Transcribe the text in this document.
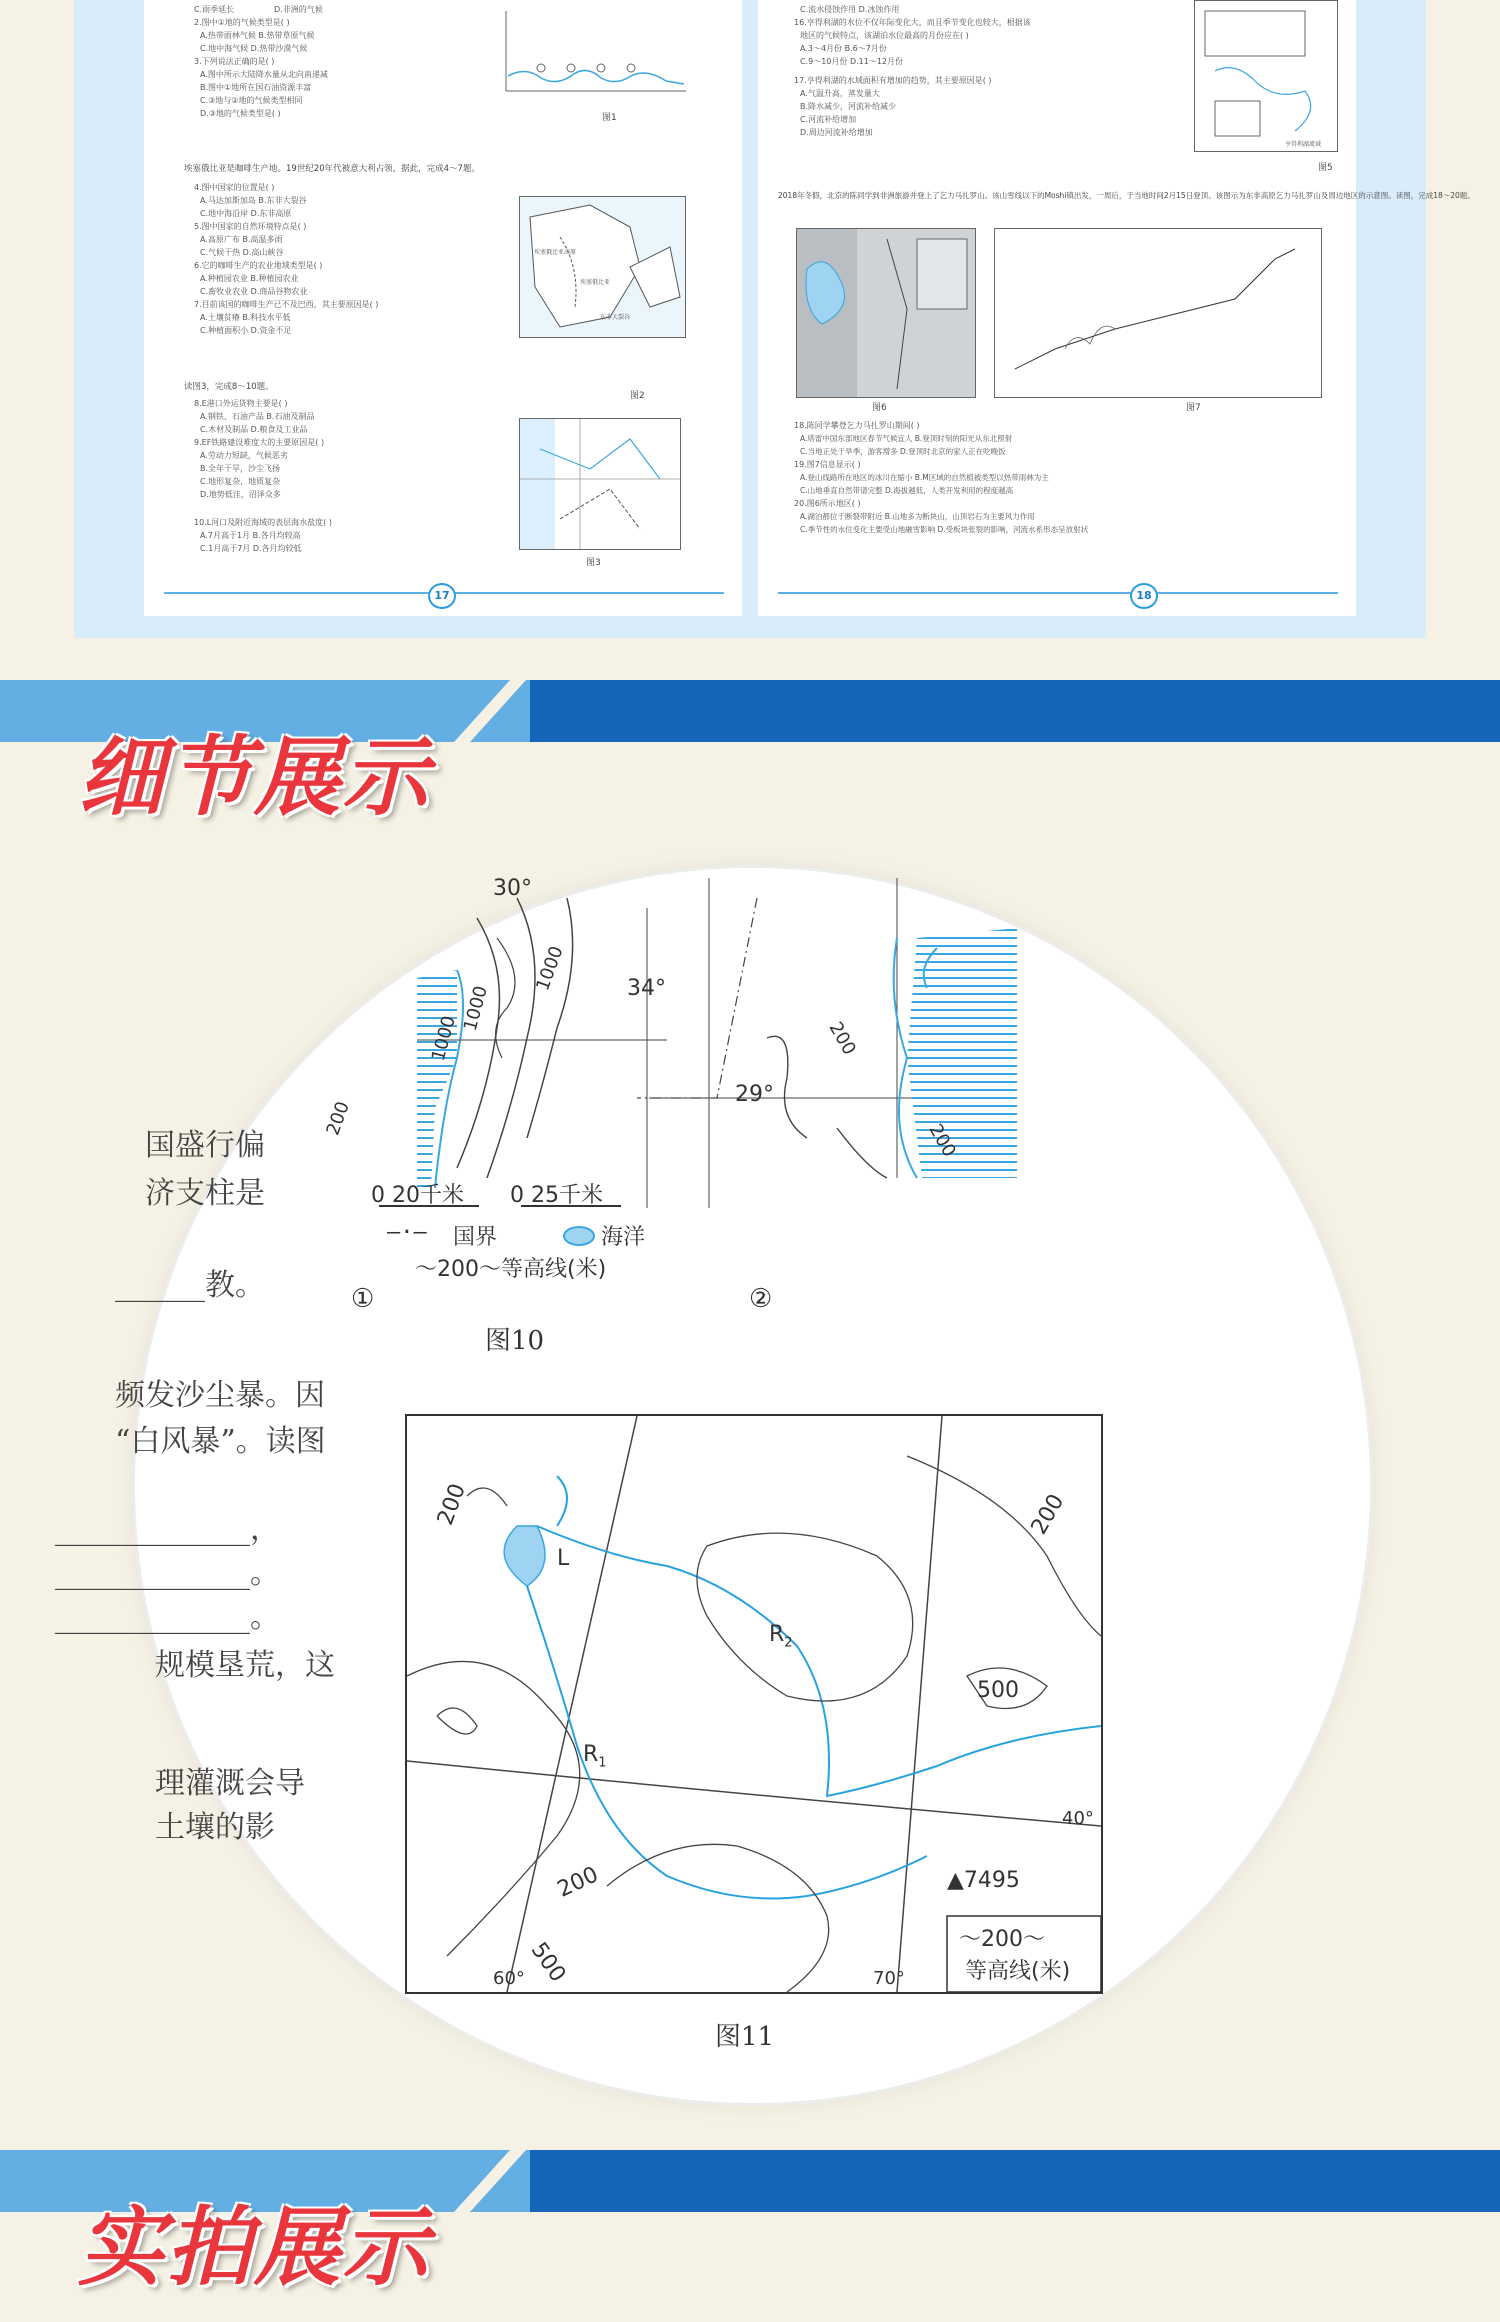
C.雨季延长	D.非洲的气候
2.图中①地的气候类型是( )
A.热带雨林气候 B.热带草原气候
C.地中海气候 D.热带沙漠气候
3.下列说法正确的是( )
A.图中所示大陆降水量从北向南递减
B.图中①地所在国石油资源丰富
C.③地与②地的气候类型相同
D.③地的气候类型是( )	图1
埃塞俄比亚是咖啡生产地。19世纪20年代被意大利占领，据此，完成4～7题。
4.图中国家的位置是( )
A.马达加斯加岛 B.东非大裂谷
C.地中海沿岸 D.东非高原
5.图中国家的自然环境特点是( )
A.高原广布 B.高温多雨
C.气候干热 D.高山峡谷
6.它的咖啡生产的农业地域类型是( )
A.种植园农业 B.种植园农业
C.畜牧业农业 D.商品谷物农业
7.目前该国的咖啡生产已不及巴西，其主要原因是( )
A.土壤贫瘠 B.科技水平低
C.种植面积小 D.资金不足
埃塞俄比亚高原
埃塞俄比亚
东非大裂谷
图2
读图3，完成8～10题。
8.E港口外运货物主要是( )
A.钢铁、石油产品 B.石油及制品
C.木材及制品 D.粮食及工业品
9.EF铁路建设难度大的主要原因是( )
A.劳动力短缺，气候恶劣
B.全年干旱，沙尘飞扬
C.地形复杂，地质复杂
D.地势低洼，沼泽众多
10.L河口及附近海域的表层海水盐度( )
A.7月高于1月 B.各月均较高
C.1月高于7月 D.各月均较低
图3
17
C.流水侵蚀作用 D.冰蚀作用
16.亨得利湖的水位不仅年际变化大，而且季节变化也较大，根据该
地区的气候特点，该湖泊水位最高的月份应在( )
A.3～4月份 B.6～7月份
C.9～10月份 D.11～12月份
17.亨得利湖的水域面积有增加的趋势，其主要原因是( )
A.气温升高，蒸发量大
B.降水减少，河流补给减少
C.河流补给增加
D.周边河流补给增加
亨得利湖流域
图5
2018年冬假，北京的陈同学到非洲旅游并登上了乞力马扎罗山。该山雪线以下的Moshi镇出发，一周后，于当地时间2月15日登顶。该图示为东非高原乞力马扎罗山及周边地区的示意图。读图，完成18～20题。
图6	图7
18.陈同学攀登乞力马扎罗山期间( )
A.塔雷中国东部地区春节气候宜人 B.登顶时刻的阳光从东北照射
C.当地正处于旱季，游客增多 D.登顶时北京的家人正在吃晚饭
19.图7信息显示( )
A.登山线路所在地区的冰川在缩小 B.M区域的自然植被类型以热带雨林为主
C.山地垂直自然带谱完整 D.海拔越低，人类开发利用的程度越高
20.图6所示地区( )
A.湖泊都位于断裂带附近 B.山地多为断块山，山顶岩石为主要风力作用
C.季节性的水位变化主要受山地融雪影响 D.受板块张裂的影响，河流水系形态呈放射状
18
细节展示
国盛行偏
济支柱是
______教。
频发沙尘暴。因
“白风暴”。读图
_____________，
_____________。
_____________。
规模垦荒，这
理灌溉会导
土壤的影
30°
34°
29°
1000
1000
1000
200
200
200
0 20千米 0 25千米
—·— 国界	海洋
～200～等高线(米)
①	②
图10
L
$R_1$
$R_2$
200	200
200
500
500
40°
60°	70°
▲7495
～200～
等高线(米)
图11
实拍展示
